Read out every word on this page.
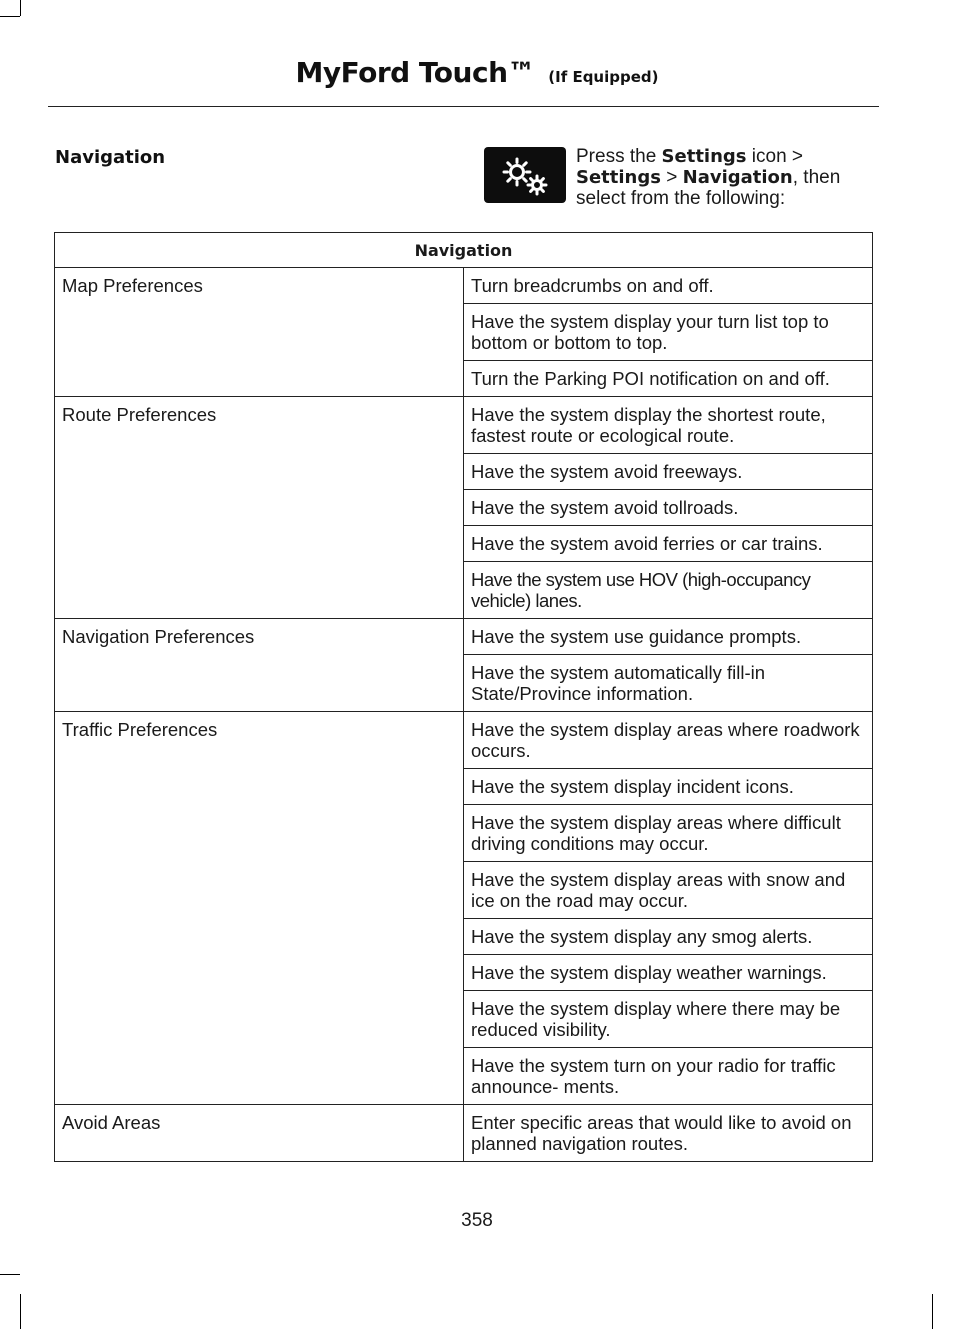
MyFord Touch™ (If Equipped)
Navigation	Press the Settings icon > Settings > Navigation, then select from the following:
Navigation	
Map Preferences	Turn breadcrumbs on and off.
	Have the system display your turn list top to bottom or bottom to top.
	Turn the Parking POI notification on and off.
Route Preferences	Have the system display the shortest route, fastest route or ecological route.
	Have the system avoid freeways.
	Have the system avoid tollroads.
	Have the system avoid ferries or car trains.
	Have the system use HOV (high-occupancy vehicle) lanes.
Navigation Preferences	Have the system use guidance prompts.
	Have the system automatically fill-in State/Province information.
Traffic Preferences	Have the system display areas where roadwork occurs.
	Have the system display incident icons.
	Have the system display areas where difficult driving conditions may occur.
	Have the system display areas with snow and ice on the road may occur.
	Have the system display any smog alerts.
	Have the system display weather warnings.
	Have the system display where there may be reduced visibility.
	Have the system turn on your radio for traffic announce- ments.
Avoid Areas	Enter specific areas that would like to avoid on planned navigation routes.
358
